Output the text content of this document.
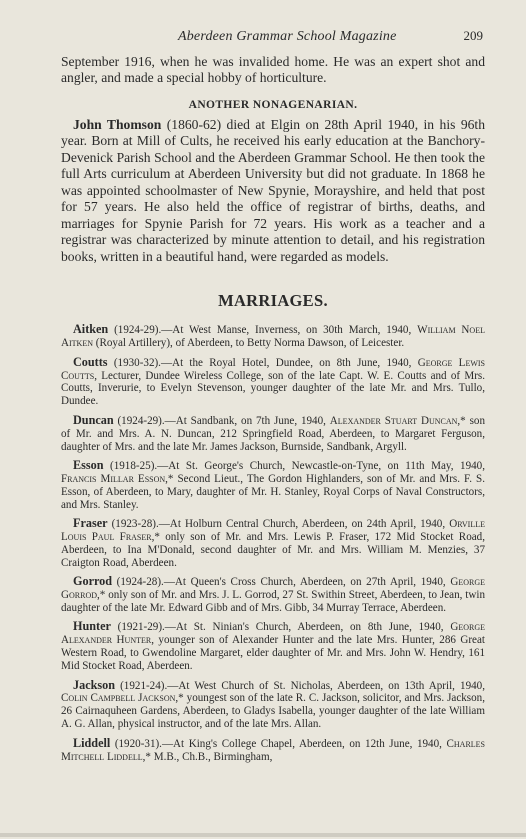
Aberdeen Grammar School Magazine	209

September 1916, when he was invalided home. He was an expert shot and angler, and made a special hobby of horticulture.

ANOTHER NONAGENARIAN.

John Thomson (1860-62) died at Elgin on 28th April 1940, in his 96th year. Born at Mill of Cults, he received his early education at the Banchory-Devenick Parish School and the Aberdeen Grammar School. He then took the full Arts curriculum at Aberdeen University but did not graduate. In 1868 he was appointed schoolmaster of New Spynie, Morayshire, and held that post for 57 years. He also held the office of registrar of births, deaths, and marriages for Spynie Parish for 72 years. His work as a teacher and a registrar was characterized by minute attention to detail, and his registration books, written in a beautiful hand, were regarded as models.

MARRIAGES.

Aitken (1924-29).—At West Manse, Inverness, on 30th March, 1940, William Noel Aitken (Royal Artillery), of Aberdeen, to Betty Norma Dawson, of Leicester.

Coutts (1930-32).—At the Royal Hotel, Dundee, on 8th June, 1940, George Lewis Coutts, Lecturer, Dundee Wireless College, son of the late Capt. W. E. Coutts and of Mrs. Coutts, Inverurie, to Evelyn Stevenson, younger daughter of the late Mr. and Mrs. Tullo, Dundee.

Duncan (1924-29).—At Sandbank, on 7th June, 1940, Alexander Stuart Duncan,* son of Mr. and Mrs. A. N. Duncan, 212 Springfield Road, Aberdeen, to Margaret Ferguson, daughter of Mrs. and the late Mr. James Jackson, Burnside, Sandbank, Argyll.

Esson (1918-25).—At St. George's Church, Newcastle-on-Tyne, on 11th May, 1940, Francis Millar Esson,* Second Lieut., The Gordon Highlanders, son of Mr. and Mrs. F. S. Esson, of Aberdeen, to Mary, daughter of Mr. H. Stanley, Royal Corps of Naval Constructors, and Mrs. Stanley.

Fraser (1923-28).—At Holburn Central Church, Aberdeen, on 24th April, 1940, Orville Louis Paul Fraser,* only son of Mr. and Mrs. Lewis P. Fraser, 172 Mid Stocket Road, Aberdeen, to Ina M'Donald, second daughter of Mr. and Mrs. William M. Menzies, 37 Craigton Road, Aberdeen.

Gorrod (1924-28).—At Queen's Cross Church, Aberdeen, on 27th April, 1940, George Gorrod,* only son of Mr. and Mrs. J. L. Gorrod, 27 St. Swithin Street, Aberdeen, to Jean, twin daughter of the late Mr. Edward Gibb and of Mrs. Gibb, 34 Murray Terrace, Aberdeen.

Hunter (1921-29).—At St. Ninian's Church, Aberdeen, on 8th June, 1940, George Alexander Hunter, younger son of Alexander Hunter and the late Mrs. Hunter, 286 Great Western Road, to Gwendoline Margaret, elder daughter of Mr. and Mrs. John W. Hendry, 161 Mid Stocket Road, Aberdeen.

Jackson (1921-24).—At West Church of St. Nicholas, Aberdeen, on 13th April, 1940, Colin Campbell Jackson,* youngest son of the late R. C. Jackson, solicitor, and Mrs. Jackson, 26 Cairnaquheen Gardens, Aberdeen, to Gladys Isabella, younger daughter of the late William A. G. Allan, physical instructor, and of the late Mrs. Allan.

Liddell (1920-31).—At King's College Chapel, Aberdeen, on 12th June, 1940, Charles Mitchell Liddell,* M.B., Ch.B., Birmingham,
